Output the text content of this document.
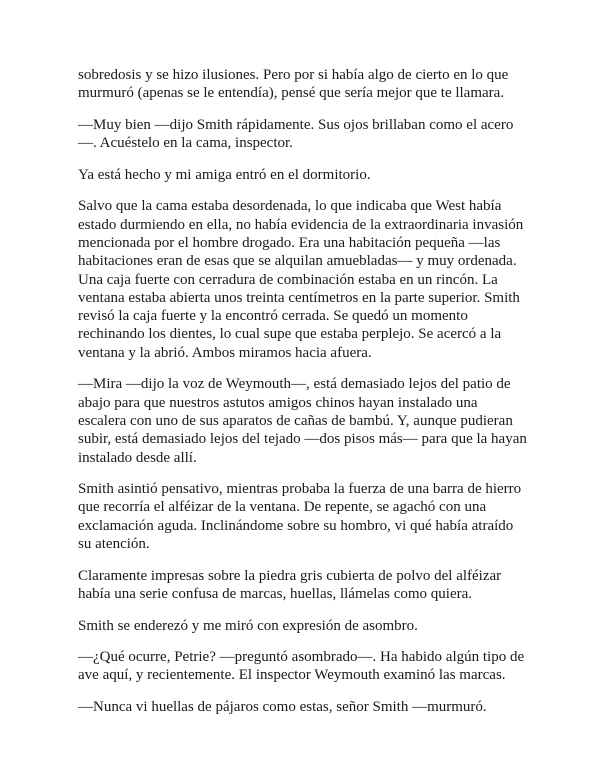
sobredosis y se hizo ilusiones. Pero por si había algo de cierto en lo que murmuró (apenas se le entendía), pensé que sería mejor que te llamara.

—Muy bien —dijo Smith rápidamente. Sus ojos brillaban como el acero—. Acuéstelo en la cama, inspector.

Ya está hecho y mi amiga entró en el dormitorio.

Salvo que la cama estaba desordenada, lo que indicaba que West había estado durmiendo en ella, no había evidencia de la extraordinaria invasión mencionada por el hombre drogado. Era una habitación pequeña —las habitaciones eran de esas que se alquilan amuebladas— y muy ordenada. Una caja fuerte con cerradura de combinación estaba en un rincón. La ventana estaba abierta unos treinta centímetros en la parte superior. Smith revisó la caja fuerte y la encontró cerrada. Se quedó un momento rechinando los dientes, lo cual supe que estaba perplejo. Se acercó a la ventana y la abrió. Ambos miramos hacia afuera.

—Mira —dijo la voz de Weymouth—, está demasiado lejos del patio de abajo para que nuestros astutos amigos chinos hayan instalado una escalera con uno de sus aparatos de cañas de bambú. Y, aunque pudieran subir, está demasiado lejos del tejado —dos pisos más— para que la hayan instalado desde allí.

Smith asintió pensativo, mientras probaba la fuerza de una barra de hierro que recorría el alféizar de la ventana. De repente, se agachó con una exclamación aguda. Inclinándome sobre su hombro, vi qué había atraído su atención.

Claramente impresas sobre la piedra gris cubierta de polvo del alféizar había una serie confusa de marcas, huellas, llámelas como quiera.

Smith se enderezó y me miró con expresión de asombro.

—¿Qué ocurre, Petrie? —preguntó asombrado—. Ha habido algún tipo de ave aquí, y recientemente. El inspector Weymouth examinó las marcas.

—Nunca vi huellas de pájaros como estas, señor Smith —murmuró.
